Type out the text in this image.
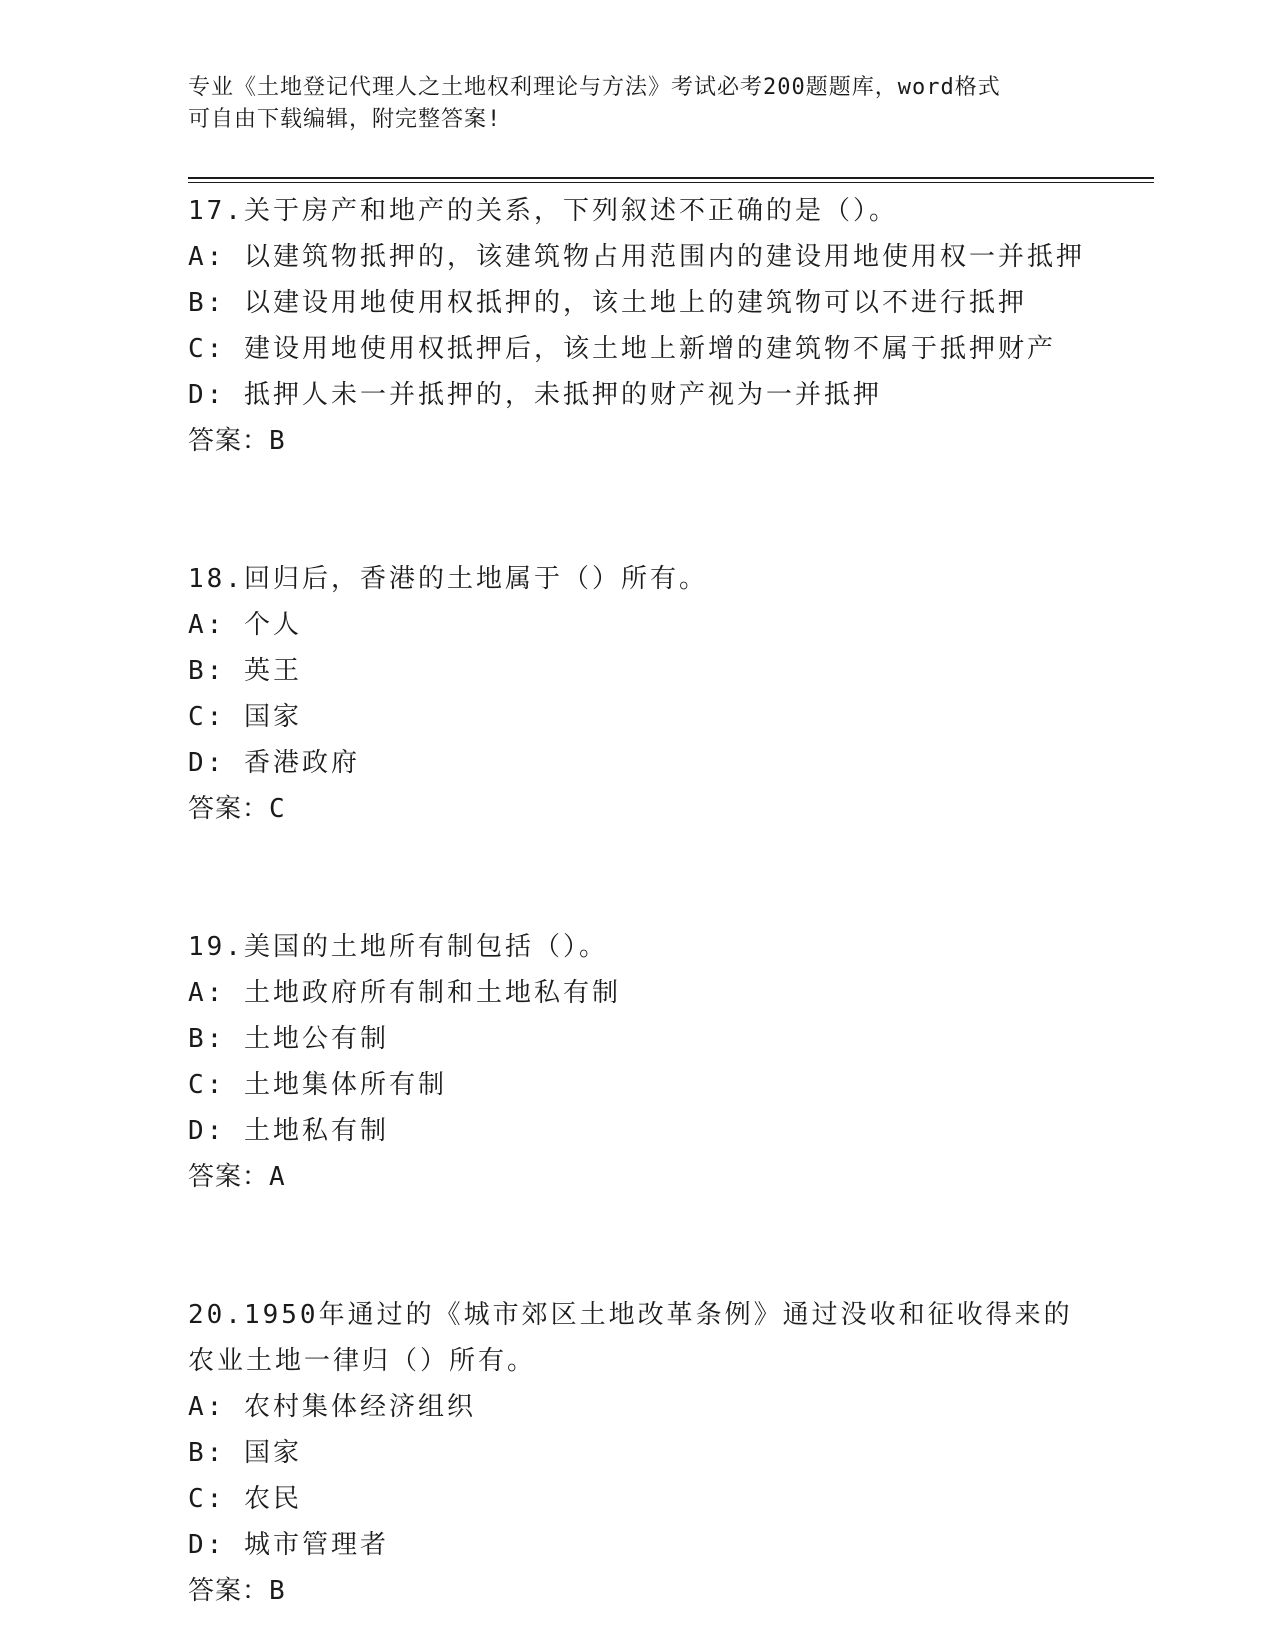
专业《土地登记代理人之土地权利理论与方法》考试必考200题题库，word格式
可自由下载编辑，附完整答案!
17.关于房产和地产的关系，下列叙述不正确的是（）。
A: 以建筑物抵押的，该建筑物占用范围内的建设用地使用权一并抵押
B: 以建设用地使用权抵押的，该土地上的建筑物可以不进行抵押
C: 建设用地使用权抵押后，该土地上新增的建筑物不属于抵押财产
D: 抵押人未一并抵押的，未抵押的财产视为一并抵押
答案：B
18.回归后，香港的土地属于（）所有。
A: 个人
B: 英王
C: 国家
D: 香港政府
答案：C
19.美国的土地所有制包括（）。
A: 土地政府所有制和土地私有制
B: 土地公有制
C: 土地集体所有制
D: 土地私有制
答案：A
20.1950年通过的《城市郊区土地改革条例》通过没收和征收得来的农业土地一律归（）所有。
A: 农村集体经济组织
B: 国家
C: 农民
D: 城市管理者
答案：B
